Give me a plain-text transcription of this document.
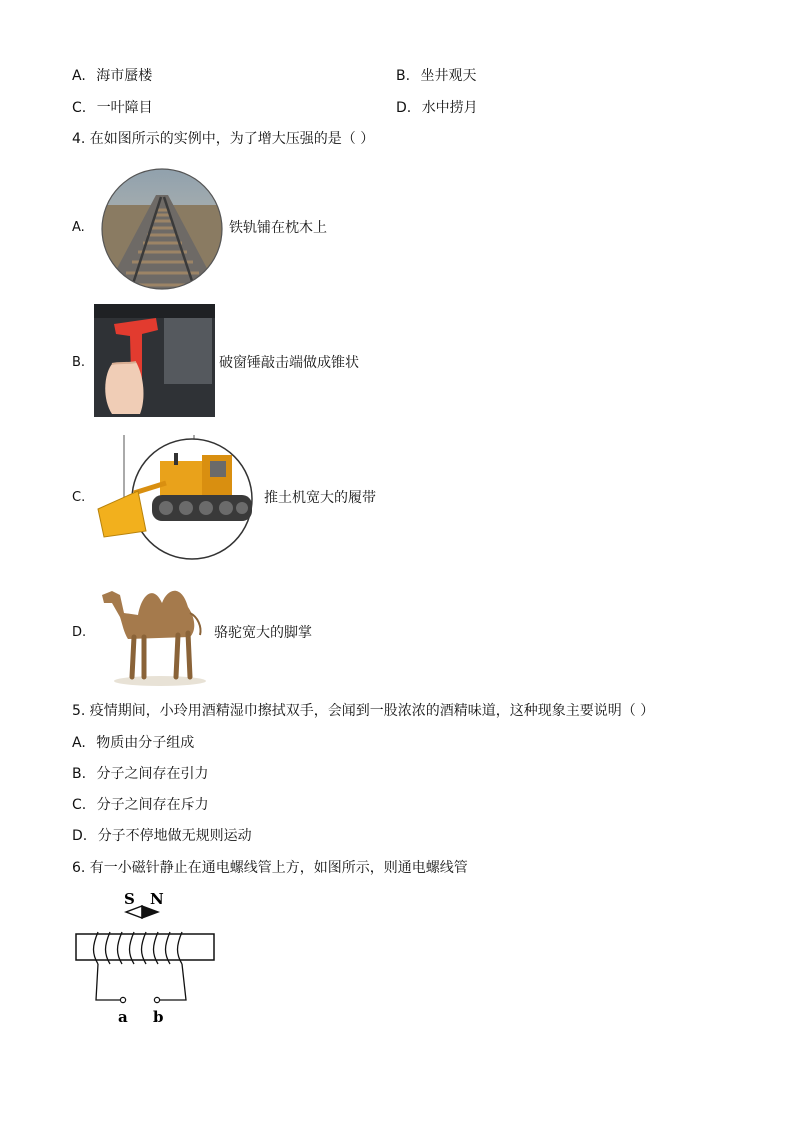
A. 海市蜃楼	B. 坐井观天
C. 一叶障目	D. 水中捞月
4. 在如图所示的实例中，为了增大压强的是（ ）
A.	铁轨铺在枕木上
B.	破窗锤敲击端做成锥状
C.	推土机宽大的履带
D.	骆驼宽大的脚掌
5. 疫情期间，小玲用酒精湿巾擦拭双手，会闻到一股浓浓的酒精味道，这种现象主要说明（ ）
A. 物质由分子组成
B. 分子之间存在引力
C. 分子之间存在斥力
D. 分子不停地做无规则运动
6. 有一小磁针静止在通电螺线管上方，如图所示，则通电螺线管
S N
a b
